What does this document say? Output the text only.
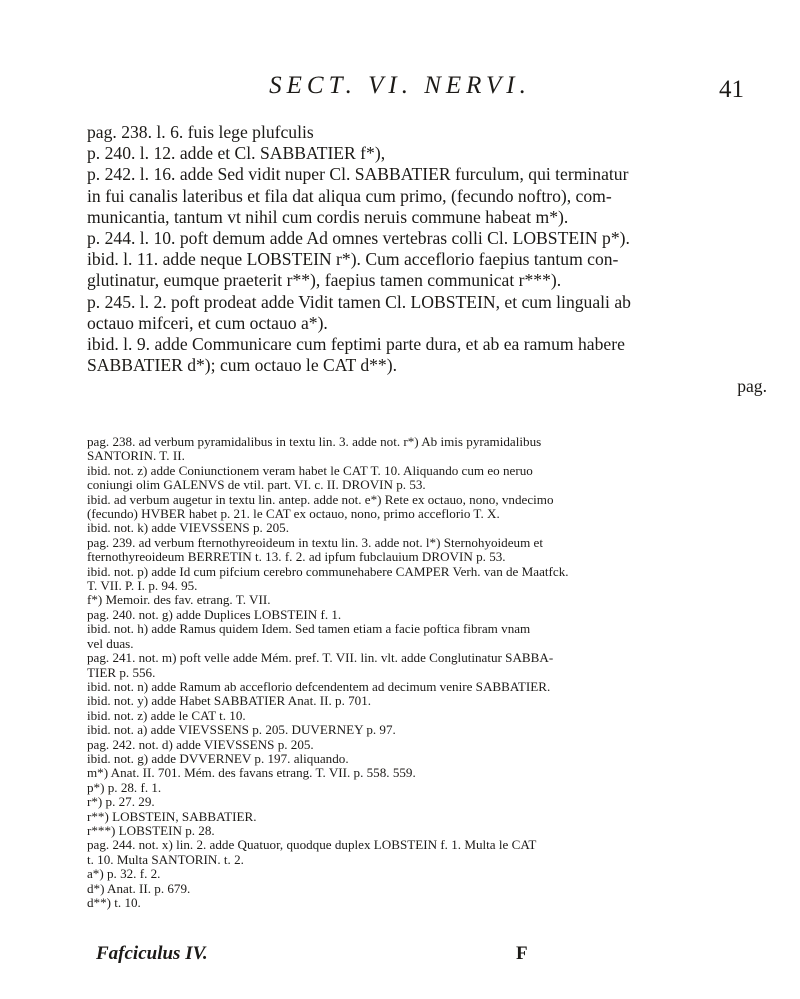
SECT. VI. NERVI.	41
pag. 238. l. 6. fuis lege plufculis
p. 240. l. 12. adde et Cl. SABBATIER f*),
p. 242. l. 16. adde Sed vidit nuper Cl. SABBATIER furculum, qui terminatur
in fui canalis lateribus et fila dat aliqua cum primo, (fecundo noftro), com-
municantia, tantum vt nihil cum cordis neruis commune habeat m*).
p. 244. l. 10. poft demum adde Ad omnes vertebras colli Cl. LOBSTEIN p*).
ibid. l. 11. adde neque LOBSTEIN r*). Cum acceflorio faepius tantum con-
glutinatur, eumque praeterit r**), faepius tamen communicat r***).
p. 245. l. 2. poft prodeat adde Vidit tamen Cl. LOBSTEIN, et cum linguali ab
octauo mifceri, et cum octauo a*).
ibid. l. 9. adde Communicare cum feptimi parte dura, et ab ea ramum habere
SABBATIER d*); cum octauo le CAT d**).
pag.
pag. 238. ad verbum pyramidalibus in textu lin. 3. adde not. r*) Ab imis pyramidalibus
SANTORIN. T. II.
ibid. not. z) adde Coniunctionem veram habet le CAT T. 10. Aliquando cum eo neruo
coniungi olim GALENVS de vtil. part. VI. c. II. DROVIN p. 53.
ibid. ad verbum augetur in textu lin. antep. adde not. e*) Rete ex octauo, nono, vndecimo
(fecundo) HVBER habet p. 21. le CAT ex octauo, nono, primo acceflorio T. X.
ibid. not. k) adde VIEVSSENS p. 205.
pag. 239. ad verbum fternothyreoideum in textu lin. 3. adde not. l*) Sternohyoideum et
fternothyreoideum BERRETIN t. 13. f. 2. ad ipfum fubclauium DROVIN p. 53.
ibid. not. p) adde Id cum pifcium cerebro communehabere CAMPER Verh. van de Maatfck.
T. VII. P. I. p. 94. 95.
f*) Memoir. des fav. etrang. T. VII.
pag. 240. not. g) adde Duplices LOBSTEIN f. 1.
ibid. not. h) adde Ramus quidem Idem. Sed tamen etiam a facie poftica fibram vnam
vel duas.
pag. 241. not. m) poft velle adde Mém. pref. T. VII. lin. vlt. adde Conglutinatur SABBA-
TIER p. 556.
ibid. not. n) adde Ramum ab acceflorio defcendentem ad decimum venire SABBATIER.
ibid. not. y) adde Habet SABBATIER Anat. II. p. 701.
ibid. not. z) adde le CAT t. 10.
ibid. not. a) adde VIEVSSENS p. 205. DUVERNEY p. 97.
pag. 242. not. d) adde VIEVSSENS p. 205.
ibid. not. g) adde DVVERNEV p. 197. aliquando.
m*) Anat. II. 701. Mém. des favans etrang. T. VII. p. 558. 559.
p*) p. 28. f. 1.
r*) p. 27. 29.
r**) LOBSTEIN, SABBATIER.
r***) LOBSTEIN p. 28.
pag. 244. not. x) lin. 2. adde Quatuor, quodque duplex LOBSTEIN f. 1. Multa le CAT
t. 10. Multa SANTORIN. t. 2.
a*) p. 32. f. 2.
d*) Anat. II. p. 679.
d**) t. 10.
Fafciculus IV.	F
